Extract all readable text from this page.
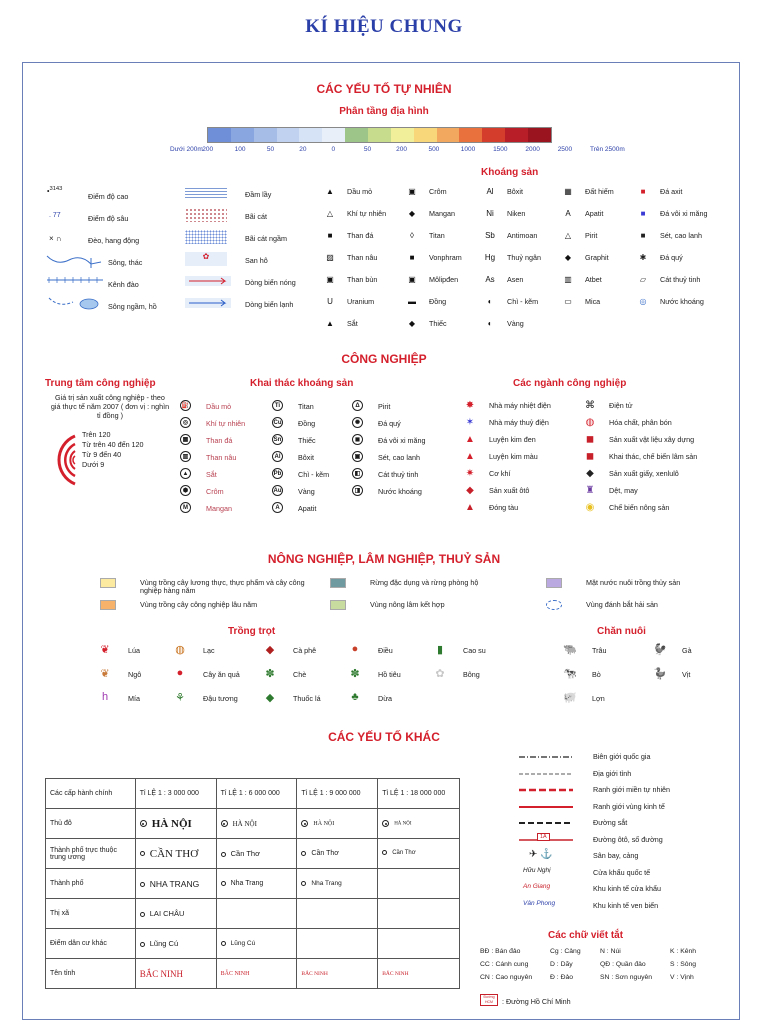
KÍ HIỆU CHUNG
CÁC YẾU TỐ TỰ NHIÊN
Phân tầng địa hình
Dưới 200m 200	100	50	20	0	50	200	500	1000	1500	2000	2500	Trên 2500m
•$^{3143}$
Điểm độ cao
. 77	Điểm độ sâu
× ∩	Đèo, hang động
Sông, thác
Kênh đào
Sông ngầm, hồ
Đầm lầy
Bãi cát
Bãi cát ngầm
✿	San hô
Dòng biển nóng
Dòng biển lạnh
Khoáng sản
▲ Dầu mỏ
△ Khí tự nhiên
■	Than đá
▨ Than nâu
▣ Than bùn
U Uranium
▲ Sắt
▣ Crôm
◆ Mangan
◊	Titan
■	Vonphram
▣ Môlipđen
▬ Đồng
◆ Thiếc
Al Bôxit
Ni Niken
Sb Antimoan
Hg Thuỷ ngân
As Asen
◐	Chì - kẽm
◐	Vàng
▦ Đất hiếm
A	Apatit
△ Pirit
◆ Graphit
▥ Atbet
▭ Mica
■	Đá axit
■	Đá vôi xi măng
■	Sét, cao lanh
✱ Đá quý
▱ Cát thuỷ tinh
◎ Nước khoáng
CÔNG NGHIỆP
Trung tâm công nghiệp
Giá trị sản xuất công nghiệp - theo giá thực tế năm 2007 ( đơn vị : nghìn tỉ đồng )
Trên 120
Từ trên 40 đến 120
Từ 9 đến 40
Dưới 9
Khai thác khoáng sản
⛽ Dầu mỏ
◎	Khí tự nhiên
▦	Than đá
▥	Than nâu
▲	Sắt
⬢	Crôm
M	Mangan
Ti	Titan
Cu Đồng
Sn Thiếc
Al	Bôxit
Pb Chì - kẽm
Au Vàng
A	Apatit
Δ	Pirit
✺	Đá quý
◼	Đá vôi xi măng
▣	Sét, cao lanh
◧	Cát thuỷ tinh
◨	Nước khoáng
Các ngành công nghiệp
✸ Nhà máy nhiệt điện
✶ Nhà máy thuỷ điện
▲ Luyện kim đen
▲ Luyện kim màu
✷ Cơ khí
◆ Sản xuất ôtô
▲ Đóng tàu
⌘ Điện tử
◍ Hóa chất, phân bón
◼ Sản xuất vật liệu xây dựng
◼ Khai thác, chế biến lâm sản
◆ Sản xuất giấy, xenlulô
♜ Dệt, may
◉ Chế biến nông sản
NÔNG NGHIỆP, LÂM NGHIỆP, THUỶ SẢN
Vùng trồng cây lương thực, thực phẩm và cây công nghiệp hàng năm
Vùng trồng cây công nghiệp lâu năm
Rừng đặc dụng và rừng phòng hộ
Vùng nông lâm kết hợp
Mặt nước nuôi trồng thủy sản
Vùng đánh bắt hải sản
Trồng trọt
❦	Lúa
❦	Ngô
h	Mía
◍	Lạc
●	Cây ăn quả
⚘	Đậu tương
◆	Cà phê
✽	Chè
◆	Thuốc lá
●	Điều
✽	Hồ tiêu
♣	Dừa
▮	Cao su
✿	Bông
Chăn nuôi
🐃	Trâu
🐄	Bò
🐖	Lợn
🐓	Gà
🦆	Vịt
CÁC YẾU TỐ KHÁC
Các cấp hành chính	Tỉ LỆ 1 : 3 000 000	Tỉ LỆ 1 : 6 000 000	Tỉ LỆ 1 : 9 000 000	Tỉ LỆ 1 : 18 000 000
Thủ đô	HÀ NỘI	HÀ NỘI	HÀ NỘI	HÀ NỘI
Thành phố trực thuộc trung ương	CẦN THƠ	Cần Thơ	Cần Thơ	Cần Thơ
Thành phố	NHA TRANG	Nha Trang	Nha Trang	
Thị xã	LAI CHÂU			
Điểm dân cư khác	Lũng Cú	Lũng Cú		
Tên tỉnh	BẮC NINH	BẮC NINH	BẮC NINH	BẮC NINH
Biên giới quốc gia
Địa giới tỉnh
Ranh giới miền tự nhiên
Ranh giới vùng kinh tế
Đường sắt
1A	Đường ôtô, số đường
✈ ⚓	Sân bay, cảng
Hữu Nghị	Cửa khẩu quốc tế
An Giang	Khu kinh tế cửa khẩu
Vân Phong	Khu kinh tế ven biển
Các chữ viết tắt
BĐ : Bán đảo
CC : Cánh cung
CN : Cao nguyên
Cg : Cảng
D : Dãy
Đ : Đảo
N : Núi
QĐ : Quần đảo
SN : Sơn nguyên
K : Kênh
S : Sông
V : Vịnh
Đường HCM	: Đường Hồ Chí Minh
